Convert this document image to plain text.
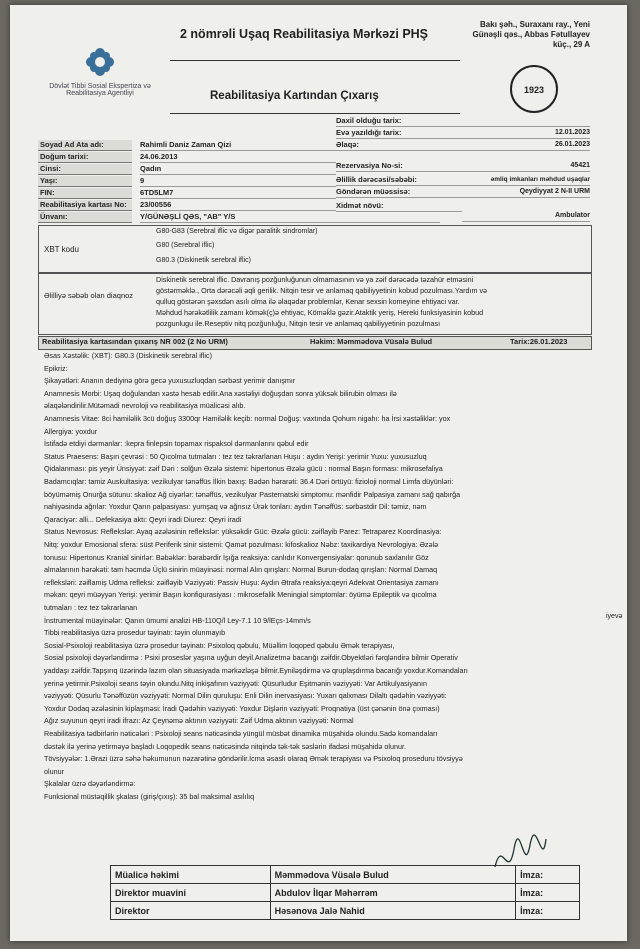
Dövlət Tibbi Sosial Ekspertiza və Reabilitasiya Agentliyi
2 nömrəli Uşaq Reabilitasiya Mərkəzi PHŞ
Reabilitasiya Kartından Çıxarış
Bakı şəh., Suraxanı ray., Yeni
Günəşli qəs., Abbas Fətullayev
küç., 29 A
1923
Soyad Ad Ata adı:	Rahimli Daniz Zaman Qizi
Doğum tarixi:	24.06.2013
Cinsi:	Qadın
Yaşı:	9
FIN:	6TD5LM7
Reabilitasiya kartası No:	23/00556
Ünvanı:	Y/GÜNƏŞLİ QƏS, "AB" Y/S
Daxil olduğu tarix:
Evə yazıldığı tarix:	12.01.2023
Əlaqə:	26.01.2023
Rezervasiya No-si:	45421
Əlillik dərəcəsi/səbəbi:	əmliq imkanları məhdud uşaqlar
Göndərən müəssisə:	Qeydiyyat 2 N-II URM
Xidmət növü:
Ambulator
XBT kodu
G80-G83 (Serebral iflic və digər paralitik sindromlar)
G80 (Serebral iflic)
G80.3 (Diskinetik serebral iflic)
Əlilliyə səbəb olan diaqnoz
Diskinetik serebral iflic. Davranış pozğunluğunun olmamasının və ya zəif dərəcədə təzahür etməsini
göstərməklə., Orta dərəcəli əqli gerilik. Nitqin tesir ve anlamaq qabiliyyetinin kobud pozulması.Yardım və
qulluq göstərən şəxsdən asılı olma ilə əlaqədar problemlər, Kenar sexsin komeyine ehtiyaci var.
Məhdud hərəkətlilik zamanı kömək(ç)ə ehtiyac, Köməḱlə gəzir.Ataktik yeriş, Hereki funksiyasinin kobud
pozgunlugu ile.Reseptiv nitq pozğunluğu, Nitqin tesir ve anlamaq qabiliyyetinin pozulması
Reabilitasiya kartasından çıxarış NR 002 (2 No URM)	Həkim: Məmmədova Vüsalə Bulud	Tarix:26.01.2023
Əsas Xəstəlik: (XBT): G80.3 (Diskinetik serebral iflic)
Epikriz:
Şikayətləri: Ananın dediyinə görə gecə yuxusuzluqdan sərbəst yerimir danışmır
Anamnesis Morbi: Uşaq doğulandan xəstə hesab edilir.Ana xəstəliyi doğuşdan sonra yüksək bilirubin olması ilə
əlaqələndirilir.Mütəmadi nevroloji və reabilitasiya müalicəsi alıb.
Anamnesis Vitae: 8ci hamiləlik 3cü doğuş 3300qr Hamiləlik keçib: normal Doğuş: vaxtında Qohum nigahı: ha İrsi xəstəliklər: yox
Allergiya: yoxdur
İstifadə etdiyi dərmanlar: :kepra finlepsin topamax rispaksol dərmanlarını qəbul edir
Status Praesens: Başın çevrəsi : 50 Qıcolma tutmaları : tez tez təkrarlanan Huşu : aydın Yerişi: yerimir Yuxu: yuxusuzluq
Qidalanması: pis yeyir Ünsiyyət: zəif Dəri : solğun Əzələ sistemi: hipertonus Əzələ gücü : normal Başın forması: mikrosefaliya
Badamcıqlar: tamiz Auskultasiya: vezikulyar tənəffüs İlkin baxış: Bədən hərarəti: 36.4 Dəri örtüyü: fizioloji normal Limfa düyünləri:
böyüməmiş Onurğa sütunu: skalioz Ağ ciyərlər: tənəffüs, vezikulyar Pasternatski simptomu: mənfidir Palpasiya zamanı sağ qabırğa
nahiyəsində ağrılar: Yoxdur Qarın palpasiyası: yumşaq və ağrısız Ürək tonları: aydın Tənəffüs: sərbəstdir Dil: təmiz, nəm
Qaraciyər: alli... Defekasiya aktı: Qeyri iradi Diurez: Qeyri iradi
Status Nevrosus: Reflekslər: Ayaq əzələsinin reflekslər: yüksəkdir Güc: Əzələ gücü: zəiflayib Parez: Tetraparez Koordinasiya:
Nitq: yoxdur Emosional sfera: süst Periferik sinir sistemi: Qamət pozulması: kifoskalioz Nəbz: taxikardiya Nevrologiya: Əzələ
tonusu: Hipertonus Kranial sinirlər: Bəbəklər: bərabərdir İşığa reaksiya: canlıdır Konvergensiyalar: qorunub saxlanılır Göz
almalarının hərəkəti: tam həcmdə Üçlü sinirin müayinəsi: normal Alın qırışları: Normal Burun-dodaq qırışları: Normal Damaq
refleksləri: zəiflamiş Udma refleksi: zəifləyib Vəziyyəti: Passiv Huşu: Aydın Ətrafa reaksiya:qeyri Adekvat Orientasiya zamanı
məkan: qeyri müəyyən Yerişi: yerimir Başın konfiqurasiyası : mikrosefalik Meningial simptomlar: öyümə Epileptik və qıcolma
tutmaları : tez tez təkrarlanan
İnstrumental müayinələr: Qanın ümumi analizi HB-110Q/l Ley-7.1 10 9/lEçs-14mm/s
Tibbi reabilitasiya üzrə prosedur təyinatı: təyin olunmayıb
Sosial-Psixoloji reabilitasiya üzrə prosedur təyinatı: Psixoloq qəbulu, Müəllim loqoped qəbulu Əmək terapiyası,
Sosial psixoloji dəyərləndirmə : Psixi proseslər yaşına uyğun deyil.Analizetmə bacarığı zəifdir.Obyektləri fərqləndirə bilmir Operativ
yaddaşı zəifdir.Tapşırıq üzərində lazım olan situasiyada mərkəzləşə bilmir.Eyniləşdirmə və qruplaşdırma bacarığı yoxdur.Komandaları
yerinə yetirmir.Psixoloji seans təyin olundu.Nitq inkişafının vəziyyəti: Qüsurludur Eşitmənin vəziyyəti: Var Artikulyasiyanın
vəziyyəti: Qüsurlu Tənəffüzün vəziyyəti: Normal Dilin quruluşu: Enli Dilin inervasiyası: Yuxarı qalxması Dilaltı qədəhin vəziyyəti:
Yoxdur Dodaq əzələsinin kiplaşməsi: İradi Qədəhin vəziyyəti: Yoxdur Dişlərin vəziyyəti: Proqnatiya (üst çənənin önə çıxması)
Ağız suyunun qeyri iradi ifrazı: Az Çeynəmə aktının vəziyyəti: Zəif Udma aktının vəziyyəti: Normal
Reabilitasiya tədbirlərin nəticələri : Psixoloji seans nəticəsində yüngül müsbət dinamika müşahidə olundu.Sadə komandaları
dəstək ilə yerinə yetirməyə başladı Loqopedik seans nəticəsində nitqində tək-tək səslərin ifadəsi müşahidə olunur.
Tövsiyyələr: 1.Ərazi üzrə səhə həkumunun nəzarətinə göndərilir.İcma əsaslı olaraq Əmək terapiyası və Psixoloq proseduru tövsiyyə
olunur
Şkalalar üzrə dəyərləndirmə:
Funksional müstəqillik şkalası (giriş/çıxış): 35 bal maksimal asılılıq
iyevə
Müalicə həkimi	Məmmədova Vüsalə Bulud	İmza:
Direktor muavini	Abdulov İlqar Məhərrəm	İmza:
Direktor	Həsənova Jalə Nahid	İmza:
